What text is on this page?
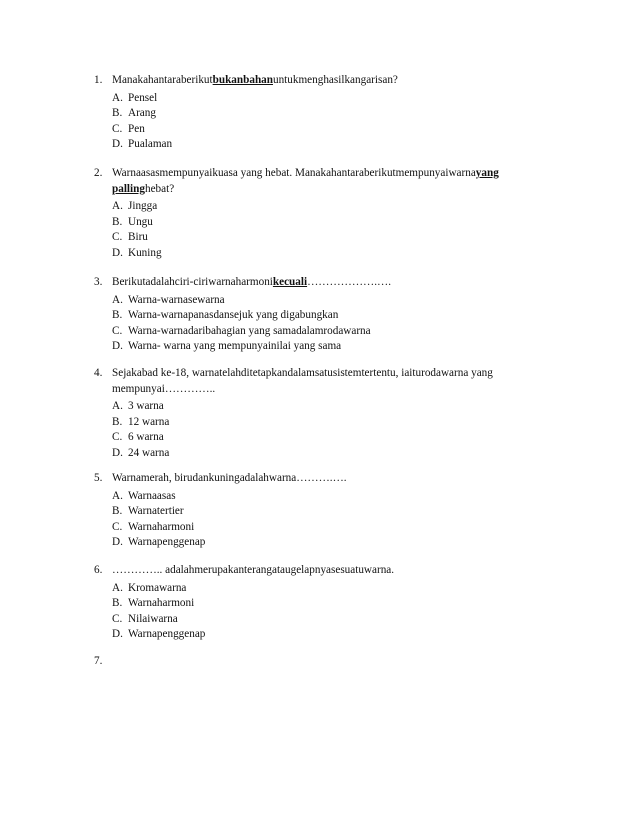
1. Manakahantaraberikutbukanbahanuntukmenghasilkangarisan?
A. Pensel
B. Arang
C. Pen
D. Pualaman
2. Warnaasasmempunyaikuasa yang hebat. Manakahantaraberikutmempunyaiwarnayang pallinghebat?
A. Jingga
B. Ungu
C. Biru
D. Kuning
3. Berikutadalahciri-ciriwarnaharmonikecuali……………….….
A. Warna-warnasewarna
B. Warna-warnapanasdansejuk yang digabungkan
C. Warna-warnadaribahagian yang samadalamrodawarna
D. Warna- warna yang mempunyainilai yang sama
4. Sejakabad ke-18, warnatelahditetapkandalamsatusistemtertentu, iaiturodawarna yang mempunyai…………..
A. 3 warna
B. 12 warna
C. 6 warna
D. 24 warna
5. Warnamerah, birudankuningadalahwarna……….….
A. Warnaasas
B. Warnatertier
C. Warnaharmoni
D. Warnapenggenap
6. ………….. adalahmerupakanterangataugelapnyasesuatuwarna.
A. Kromawarna
B. Warnaharmoni
C. Nilaiwarna
D. Warnapenggenap
7.
